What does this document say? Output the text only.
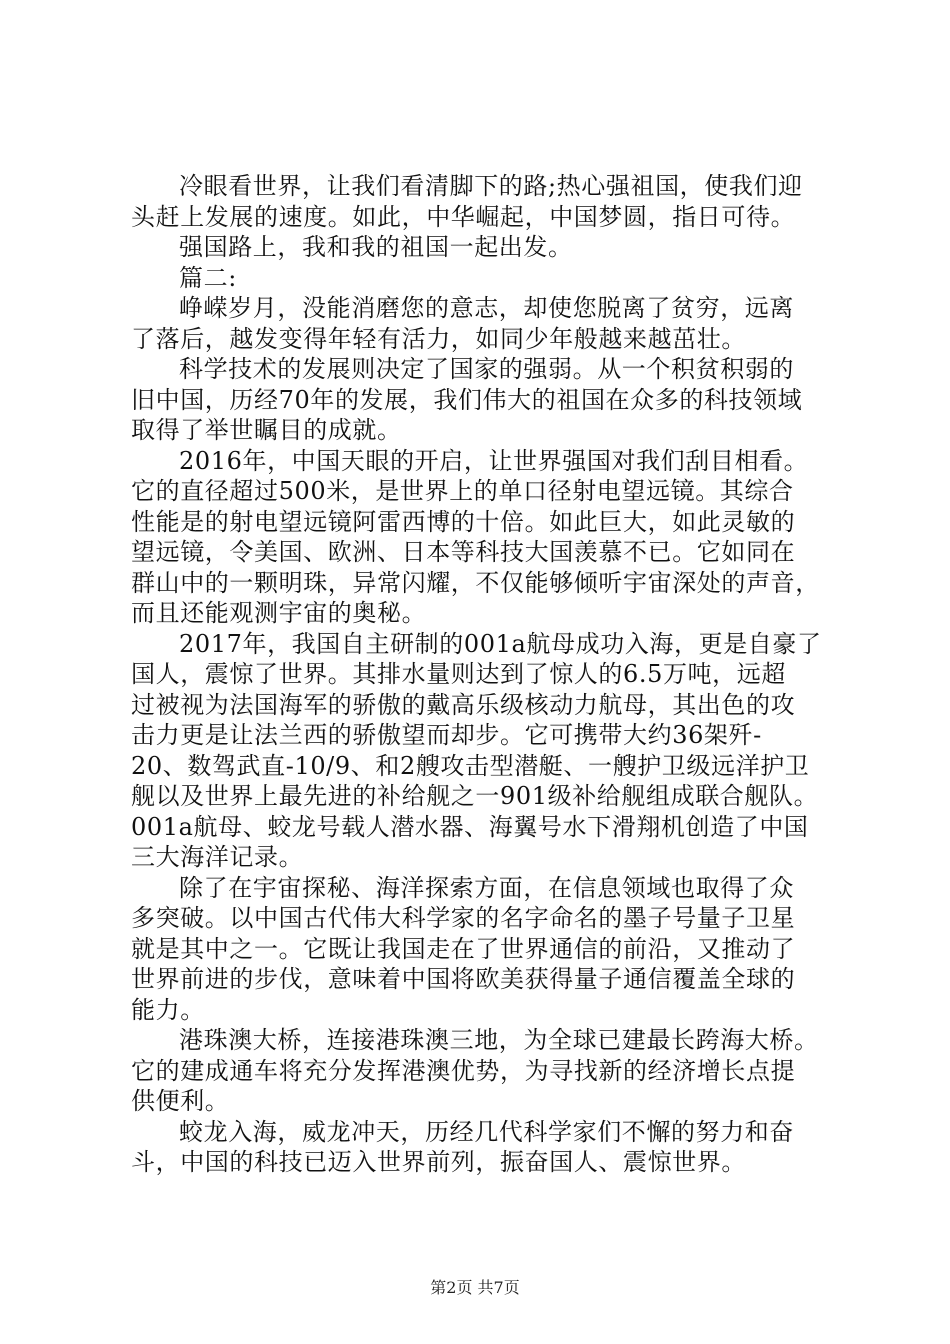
冷眼看世界，让我们看清脚下的路;热心强祖国，使我们迎
头赶上发展的速度。如此，中华崛起，中国梦圆，指日可待。
强国路上，我和我的祖国一起出发。
篇二:
峥嵘岁月，没能消磨您的意志，却使您脱离了贫穷，远离
了落后，越发变得年轻有活力，如同少年般越来越茁壮。
科学技术的发展则决定了国家的强弱。从一个积贫积弱的
旧中国，历经70年的发展，我们伟大的祖国在众多的科技领域
取得了举世瞩目的成就。
2016年，中国天眼的开启，让世界强国对我们刮目相看。
它的直径超过500米，是世界上的单口径射电望远镜。其综合
性能是的射电望远镜阿雷西博的十倍。如此巨大，如此灵敏的
望远镜，令美国、欧洲、日本等科技大国羡慕不已。它如同在
群山中的一颗明珠，异常闪耀，不仅能够倾听宇宙深处的声音，
而且还能观测宇宙的奥秘。
2017年，我国自主研制的001a航母成功入海，更是自豪了
国人，震惊了世界。其排水量则达到了惊人的6.5万吨，远超
过被视为法国海军的骄傲的戴高乐级核动力航母，其出色的攻
击力更是让法兰西的骄傲望而却步。它可携带大约36架歼-
20、数驾武直-10/9、和2艘攻击型潜艇、一艘护卫级远洋护卫
舰以及世界上最先进的补给舰之一901级补给舰组成联合舰队。
001a航母、蛟龙号载人潜水器、海翼号水下滑翔机创造了中国
三大海洋记录。
除了在宇宙探秘、海洋探索方面，在信息领域也取得了众
多突破。以中国古代伟大科学家的名字命名的墨子号量子卫星
就是其中之一。它既让我国走在了世界通信的前沿，又推动了
世界前进的步伐，意味着中国将欧美获得量子通信覆盖全球的
能力。
港珠澳大桥，连接港珠澳三地，为全球已建最长跨海大桥。
它的建成通车将充分发挥港澳优势，为寻找新的经济增长点提
供便利。
蛟龙入海，威龙冲天，历经几代科学家们不懈的努力和奋
斗，中国的科技已迈入世界前列，振奋国人、震惊世界。
第2页 共7页
